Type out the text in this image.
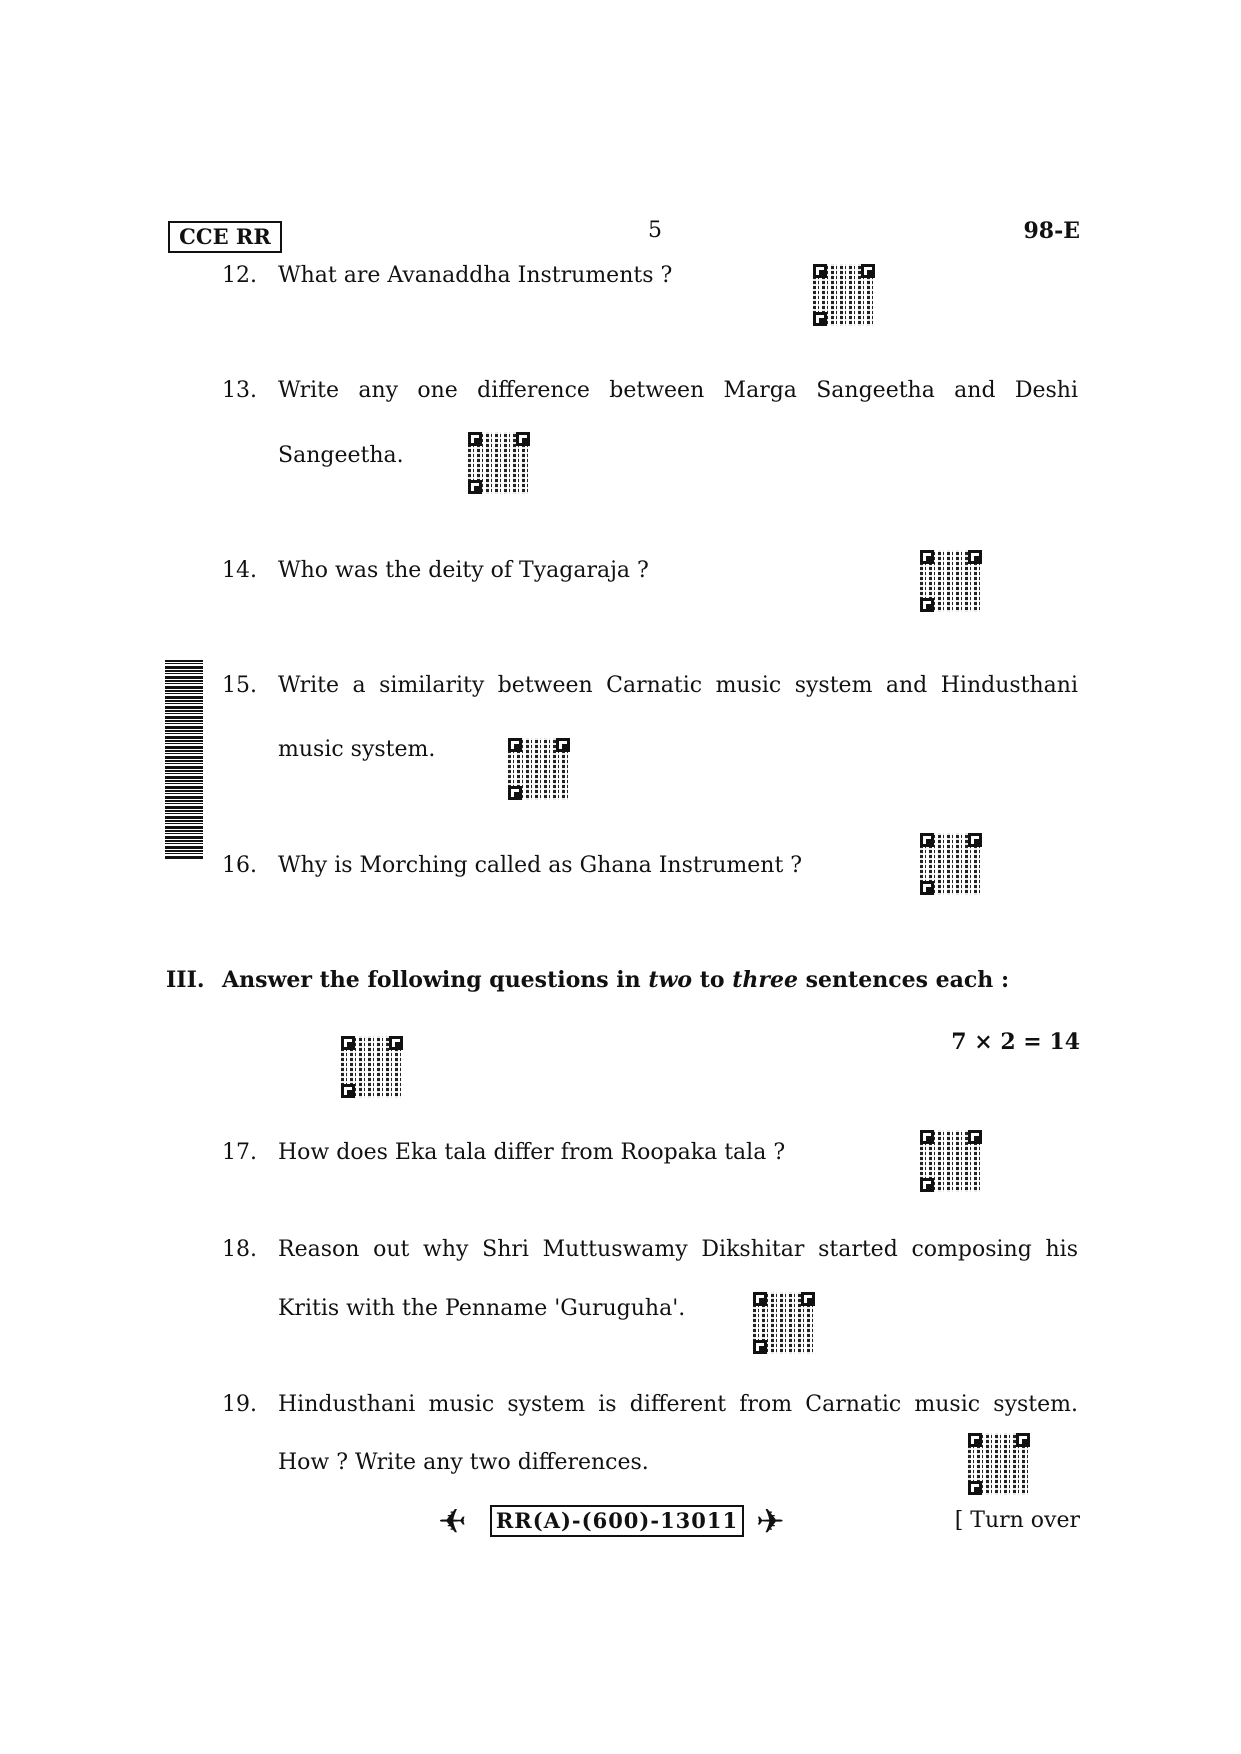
CCE RR	5	98-E
12. What are Avanaddha Instruments ?
13. Write any one difference between Marga Sangeetha and Deshi
Sangeetha.
14. Who was the deity of Tyagaraja ?
15. Write a similarity between Carnatic music system and Hindusthani
music system.
16. Why is Morching called as Ghana Instrument ?
III. Answer the following questions in two to three sentences each :
7 × 2 = 14
17. How does Eka tala differ from Roopaka tala ?
18. Reason out why Shri Muttuswamy Dikshitar started composing his
Kritis with the Penname 'Guruguha'.
19. Hindusthani music system is different from Carnatic music system.
How ? Write any two differences.
✈ RR(A)-(600)-13011 ✈	[ Turn over
